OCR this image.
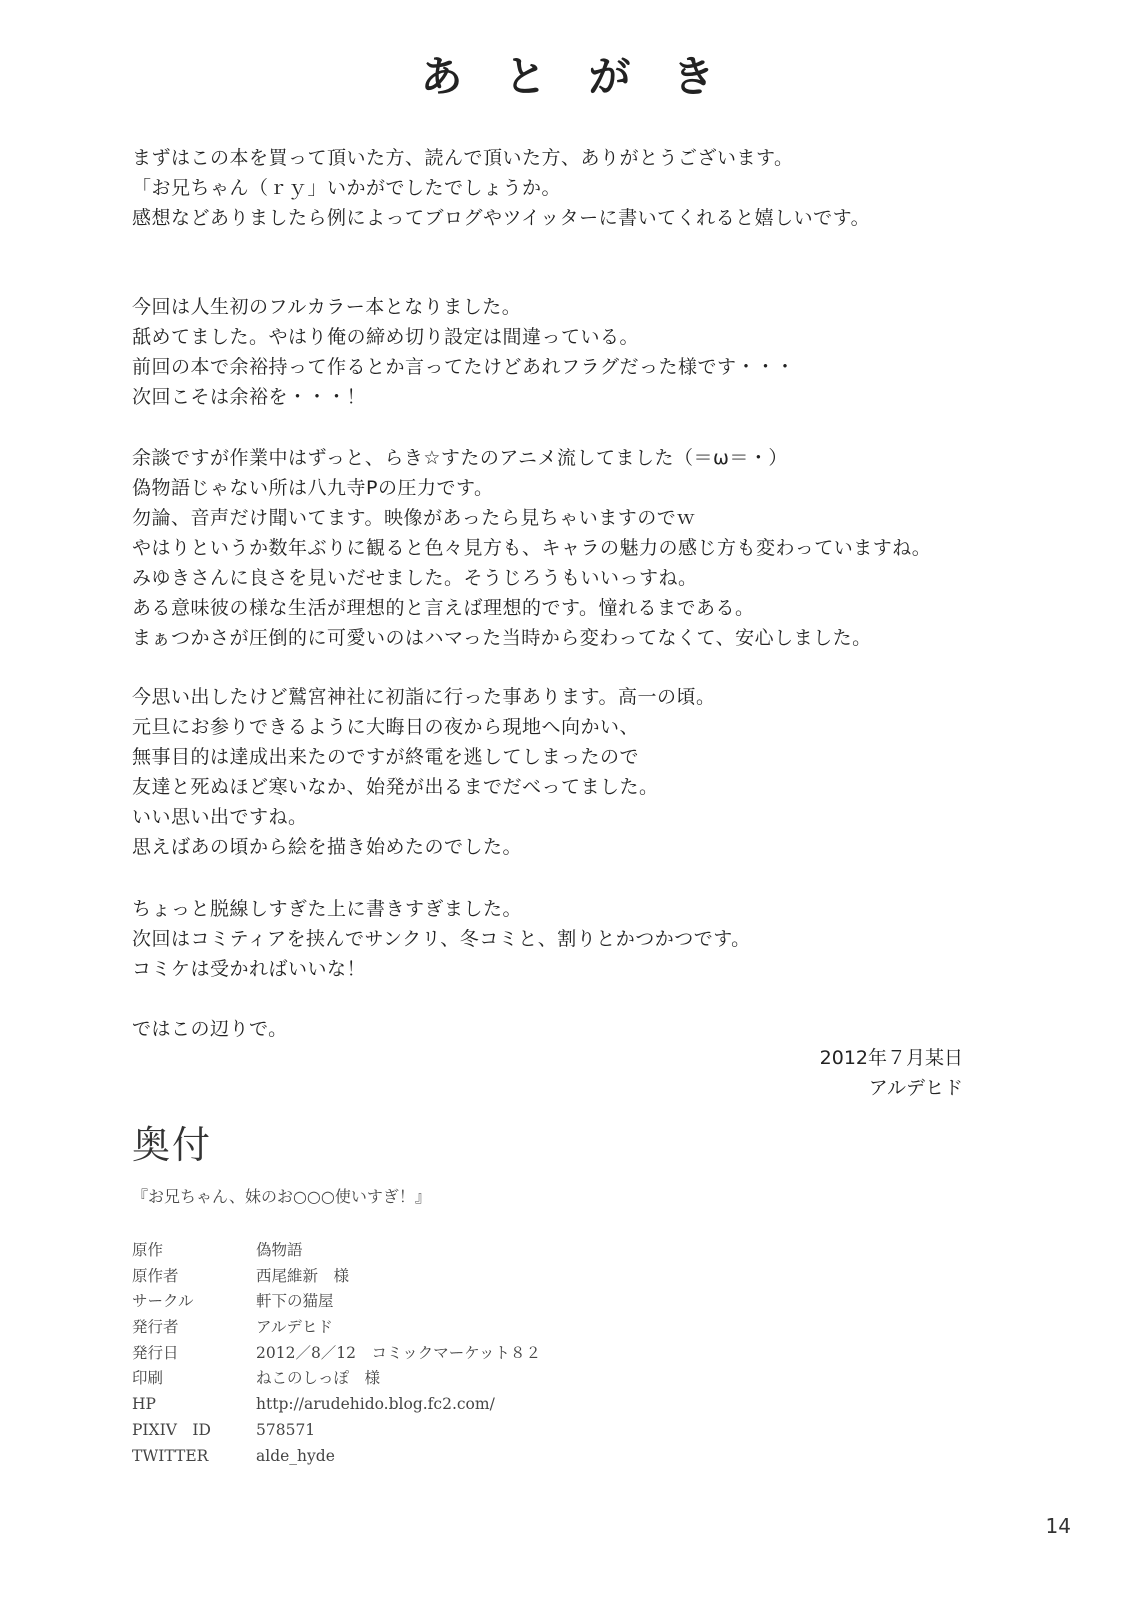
あとがき
まずはこの本を買って頂いた方、読んで頂いた方、ありがとうございます。
「お兄ちゃん（ｒｙ」いかがでしたでしょうか。
感想などありましたら例によってブログやツイッターに書いてくれると嬉しいです。
今回は人生初のフルカラー本となりました。
舐めてました。やはり俺の締め切り設定は間違っている。
前回の本で余裕持って作るとか言ってたけどあれフラグだった様です・・・
次回こそは余裕を・・・！
余談ですが作業中はずっと、らき☆すたのアニメ流してました（＝ω＝・）
偽物語じゃない所は八九寺Pの圧力です。
勿論、音声だけ聞いてます。映像があったら見ちゃいますのでｗ
やはりというか数年ぶりに観ると色々見方も、キャラの魅力の感じ方も変わっていますね。
みゆきさんに良さを見いだせました。そうじろうもいいっすね。
ある意味彼の様な生活が理想的と言えば理想的です。憧れるまである。
まぁつかさが圧倒的に可愛いのはハマった当時から変わってなくて、安心しました。
今思い出したけど鷲宮神社に初詣に行った事あります。高一の頃。
元旦にお参りできるように大晦日の夜から現地へ向かい、
無事目的は達成出来たのですが終電を逃してしまったので
友達と死ぬほど寒いなか、始発が出るまでだべってました。
いい思い出ですね。
思えばあの頃から絵を描き始めたのでした。
ちょっと脱線しすぎた上に書きすぎました。
次回はコミティアを挟んでサンクリ、冬コミと、割りとかつかつです。
コミケは受かればいいな！
ではこの辺りで。
2012年７月某日
アルデヒド
奥付
『お兄ちゃん、妹のお○○○使いすぎ！』
原作	偽物語
原作者	西尾維新　様
サークル	軒下の猫屋
発行者	アルデヒド
発行日	2012／8／12　コミックマーケット８２
印刷	ねこのしっぽ　様
HP	http://arudehido.blog.fc2.com/
PIXIV　ID	578571
TWITTER	alde_hyde
14
